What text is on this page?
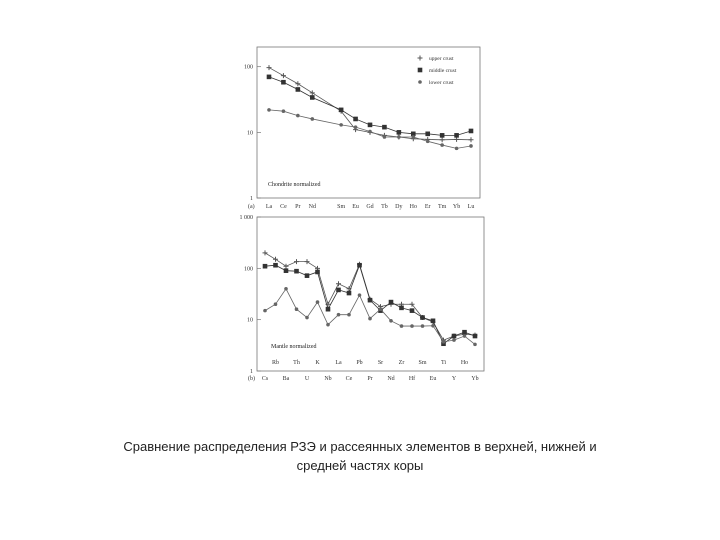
1
10
100
(a) La Ce Pr Nd	Sm Eu Gd Tb Dy Ho Er Tm Yb Lu
upper crust
middle crust
lower crust
Chondrite normalized
1
10
100
1 000
(b) Cs Ba	U	Nb Ce Pr Nd Hf Eu	Y	Yb
Rb Th	K	La Pb	Sr	Zr Sm Ti Ho
Mantle normalized
Сравнение распределения РЗЭ и рассеянных элементов в верхней, нижней и
средней частях коры
